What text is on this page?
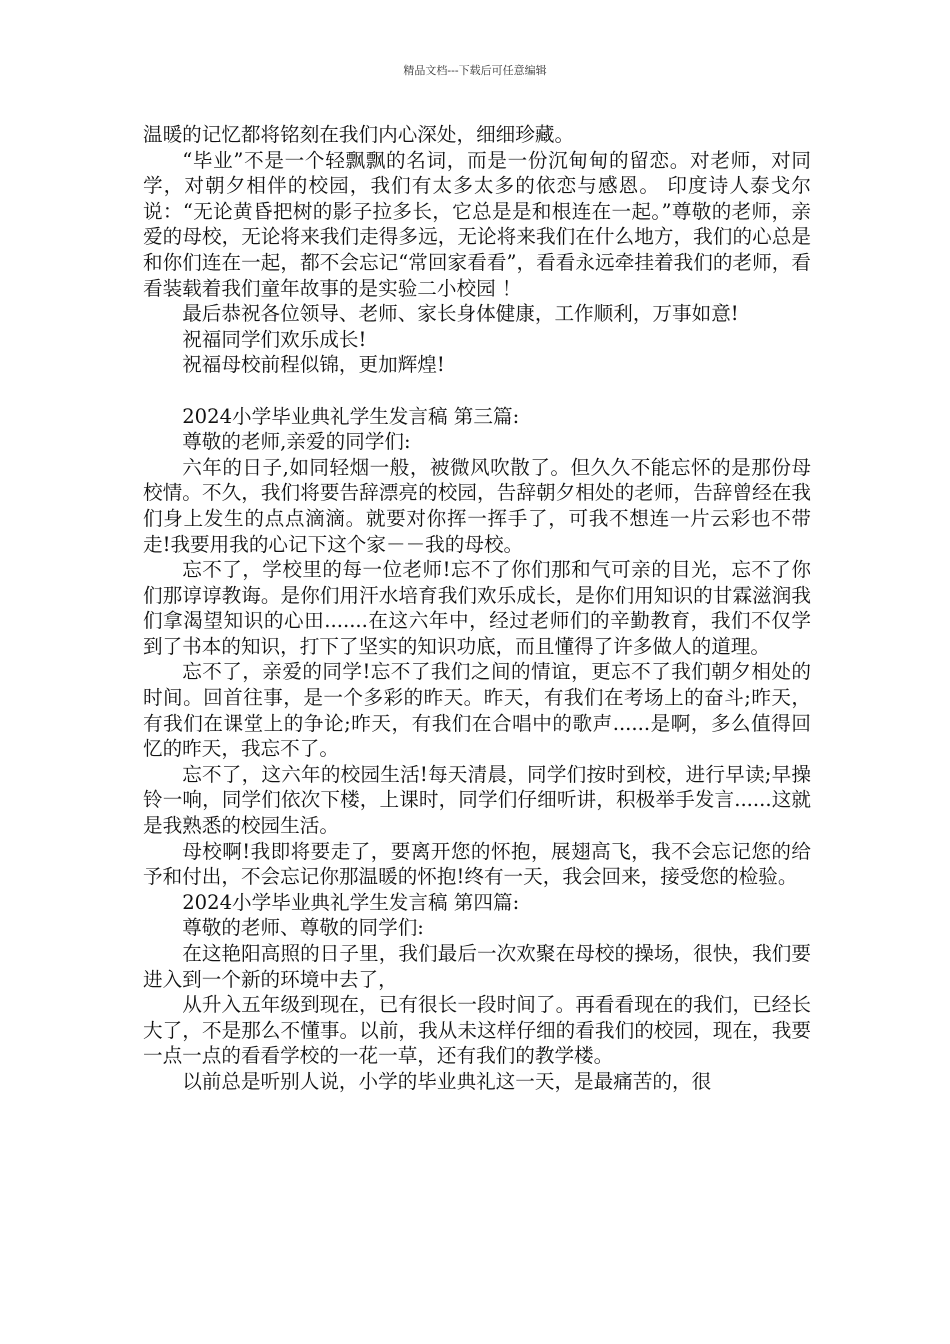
精品文档---下载后可任意编辑

温暖的记忆都将铭刻在我们内心深处，细细珍藏。

“毕业”不是一个轻飘飘的名词，而是一份沉甸甸的留恋。对老师，对同学，对朝夕相伴的校园，我们有太多太多的依恋与感恩。 印度诗人泰戈尔说：“无论黄昏把树的影子拉多长，它总是是和根连在一起。”尊敬的老师，亲爱的母校，无论将来我们走得多远，无论将来我们在什么地方，我们的心总是和你们连在一起，都不会忘记“常回家看看”，看看永远牵挂着我们的老师，看看装载着我们童年故事的是实验二小校园 ！

最后恭祝各位领导、老师、家长身体健康，工作顺利，万事如意!

祝福同学们欢乐成长!

祝福母校前程似锦，更加辉煌!

2024小学毕业典礼学生发言稿 第三篇:

尊敬的老师,亲爱的同学们:

六年的日子,如同轻烟一般，被微风吹散了。但久久不能忘怀的是那份母校情。不久，我们将要告辞漂亮的校园，告辞朝夕相处的老师，告辞曾经在我们身上发生的点点滴滴。就要对你挥一挥手了，可我不想连一片云彩也不带走!我要用我的心记下这个家－－我的母校。

忘不了，学校里的每一位老师!忘不了你们那和气可亲的目光，忘不了你们那谆谆教诲。是你们用汗水培育我们欢乐成长，是你们用知识的甘霖滋润我们拿渴望知识的心田.......在这六年中，经过老师们的辛勤教育，我们不仅学到了书本的知识，打下了坚实的知识功底，而且懂得了许多做人的道理。

忘不了，亲爱的同学!忘不了我们之间的情谊，更忘不了我们朝夕相处的时间。回首往事，是一个多彩的昨天。昨天，有我们在考场上的奋斗;昨天，有我们在课堂上的争论;昨天，有我们在合唱中的歌声......是啊，多么值得回忆的昨天，我忘不了。

忘不了，这六年的校园生活!每天清晨，同学们按时到校，进行早读;早操铃一响，同学们依次下楼，上课时，同学们仔细听讲，积极举手发言......这就是我熟悉的校园生活。

母校啊!我即将要走了，要离开您的怀抱，展翅高飞，我不会忘记您的给予和付出，不会忘记你那温暖的怀抱!终有一天，我会回来，接受您的检验。

2024小学毕业典礼学生发言稿 第四篇:

尊敬的老师、尊敬的同学们:

在这艳阳高照的日子里，我们最后一次欢聚在母校的操场，很快，我们要进入到一个新的环境中去了，

从升入五年级到现在，已有很长一段时间了。再看看现在的我们，已经长大了，不是那么不懂事。以前，我从未这样仔细的看我们的校园，现在，我要一点一点的看看学校的一花一草，还有我们的教学楼。

以前总是听别人说，小学的毕业典礼这一天，是最痛苦的，很
